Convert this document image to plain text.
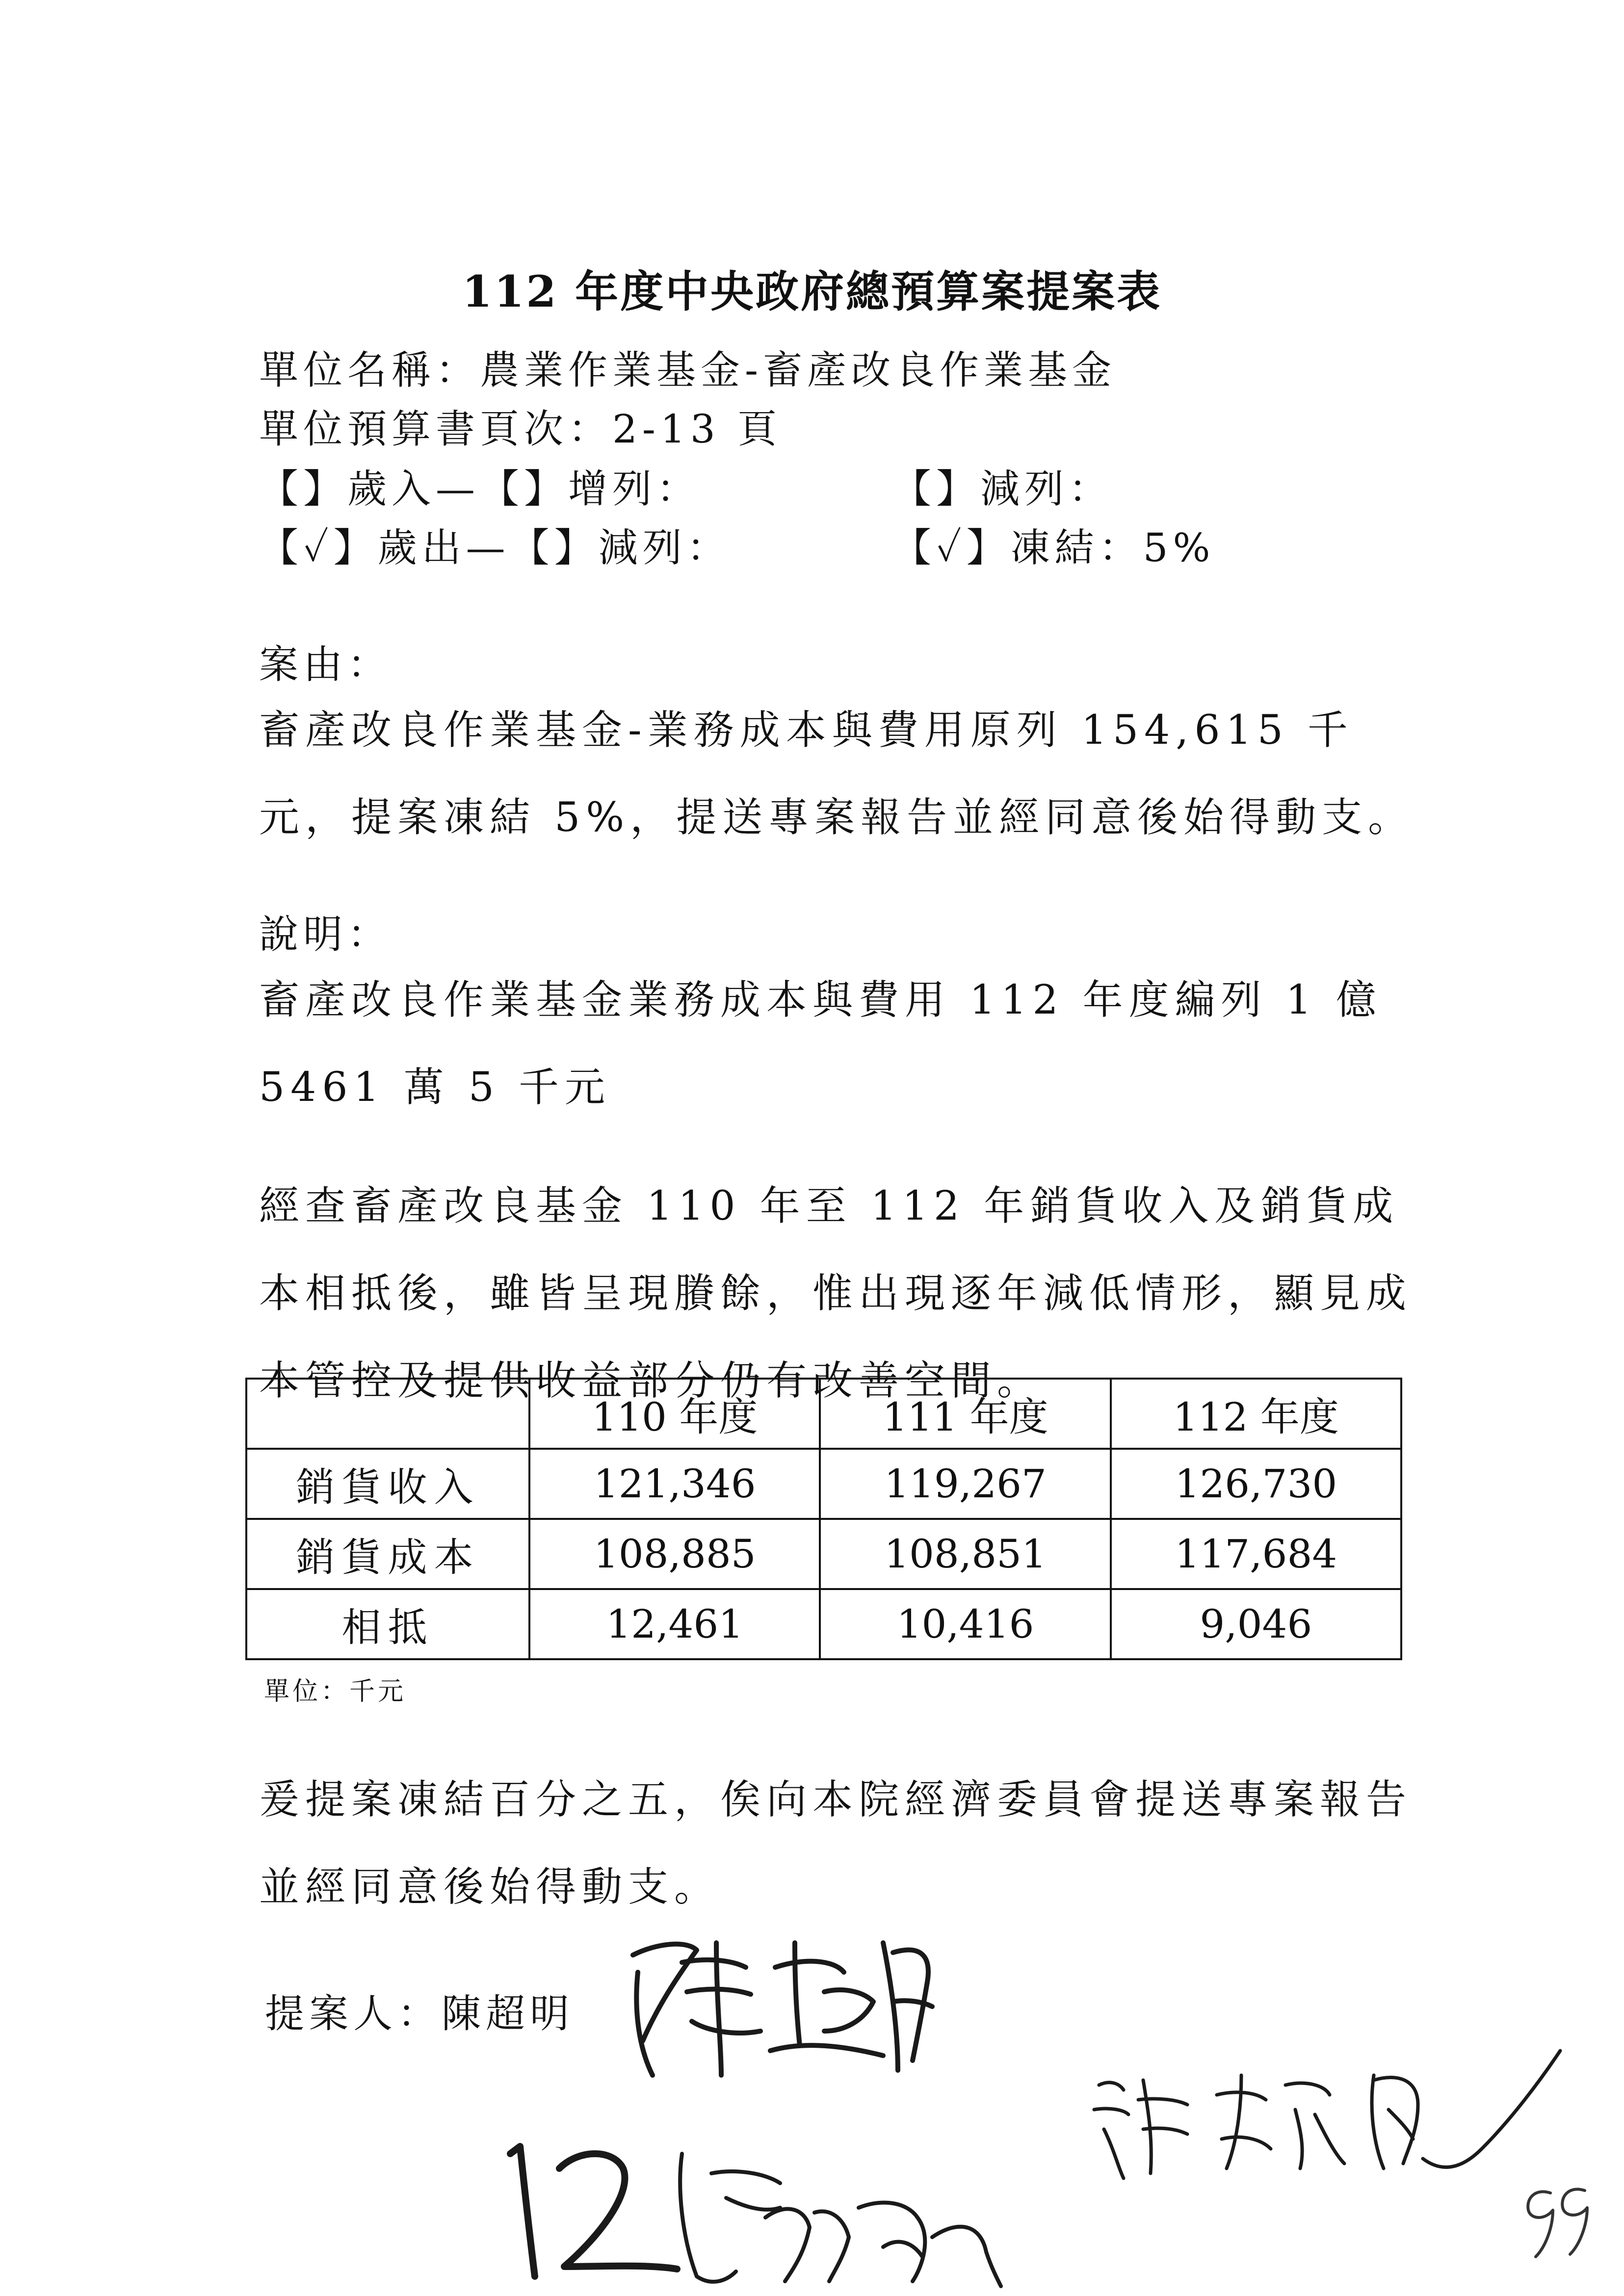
112 年度中央政府總預算案提案表
單位名稱：農業作業基金-畜產改良作業基金
單位預算書頁次：2-13 頁
【】歲入—【】增列：	【】減列：
【✓】歲出—【】減列：	【✓】凍結：5%
案由：
畜產改良作業基金-業務成本與費用原列 154,615 千元，提案凍結 5%，提送專案報告並經同意後始得動支。
說明：
畜產改良作業基金業務成本與費用 112 年度編列 1 億 5461 萬 5 千元
經查畜產改良基金 110 年至 112 年銷貨收入及銷貨成本相抵後，雖皆呈現賸餘，惟出現逐年減低情形，顯見成本管控及提供收益部分仍有改善空間。
	110 年度	111 年度	112 年度
銷貨收入	121,346	119,267	126,730
銷貨成本	108,885	108,851	117,684
相抵	12,461	10,416	9,046
單位：千元
爰提案凍結百分之五，俟向本院經濟委員會提送專案報告並經同意後始得動支。
提案人：陳超明
